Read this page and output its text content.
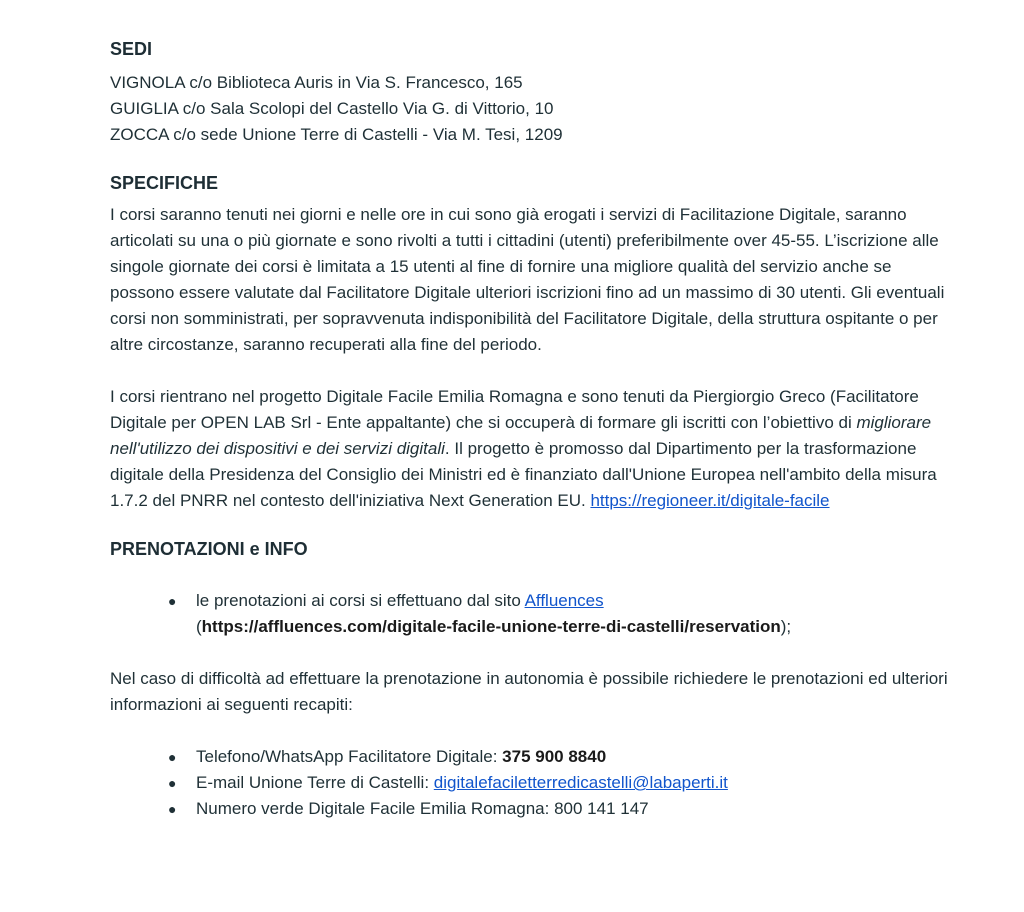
SEDI

VIGNOLA c/o Biblioteca Auris in Via S. Francesco, 165

GUIGLIA c/o Sala Scolopi del Castello Via G. di Vittorio, 10

ZOCCA c/o sede Unione Terre di Castelli - Via M. Tesi, 1209

SPECIFICHE

I corsi saranno tenuti nei giorni e nelle ore in cui sono già erogati i servizi di Facilitazione Digitale, saranno articolati su una o più giornate e sono rivolti a tutti i cittadini (utenti) preferibilmente over 45-55. L’iscrizione alle singole giornate dei corsi è limitata a 15 utenti al fine di fornire una migliore qualità del servizio anche se possono essere valutate dal Facilitatore Digitale ulteriori iscrizioni fino ad un massimo di 30 utenti. Gli eventuali corsi non somministrati, per sopravvenuta indisponibilità del Facilitatore Digitale, della struttura ospitante o per altre circostanze, saranno recuperati alla fine del periodo.

I corsi rientrano nel progetto Digitale Facile Emilia Romagna e sono tenuti da Piergiorgio Greco (Facilitatore Digitale per OPEN LAB Srl - Ente appaltante) che si occuperà di formare gli iscritti con l’obiettivo di migliorare nell'utilizzo dei dispositivi e dei servizi digitali. Il progetto è promosso dal Dipartimento per la trasformazione digitale della Presidenza del Consiglio dei Ministri ed è finanziato dall'Unione Europea nell'ambito della misura 1.7.2 del PNRR nel contesto dell'iniziativa Next Generation EU. https://regioneer.it/digitale-facile

PRENOTAZIONI e INFO
● le prenotazioni ai corsi si effettuano dal sito Affluences
(https://affluences.com/digitale-facile-unione-terre-di-castelli/reservation);

Nel caso di difficoltà ad effettuare la prenotazione in autonomia è possibile richiedere le prenotazioni ed ulteriori informazioni ai seguenti recapiti:

● Telefono/WhatsApp Facilitatore Digitale: 375 900 8840
● E-mail Unione Terre di Castelli: digitalefaciletterredicastelli@labaperti.it
● Numero verde Digitale Facile Emilia Romagna: 800 141 147
